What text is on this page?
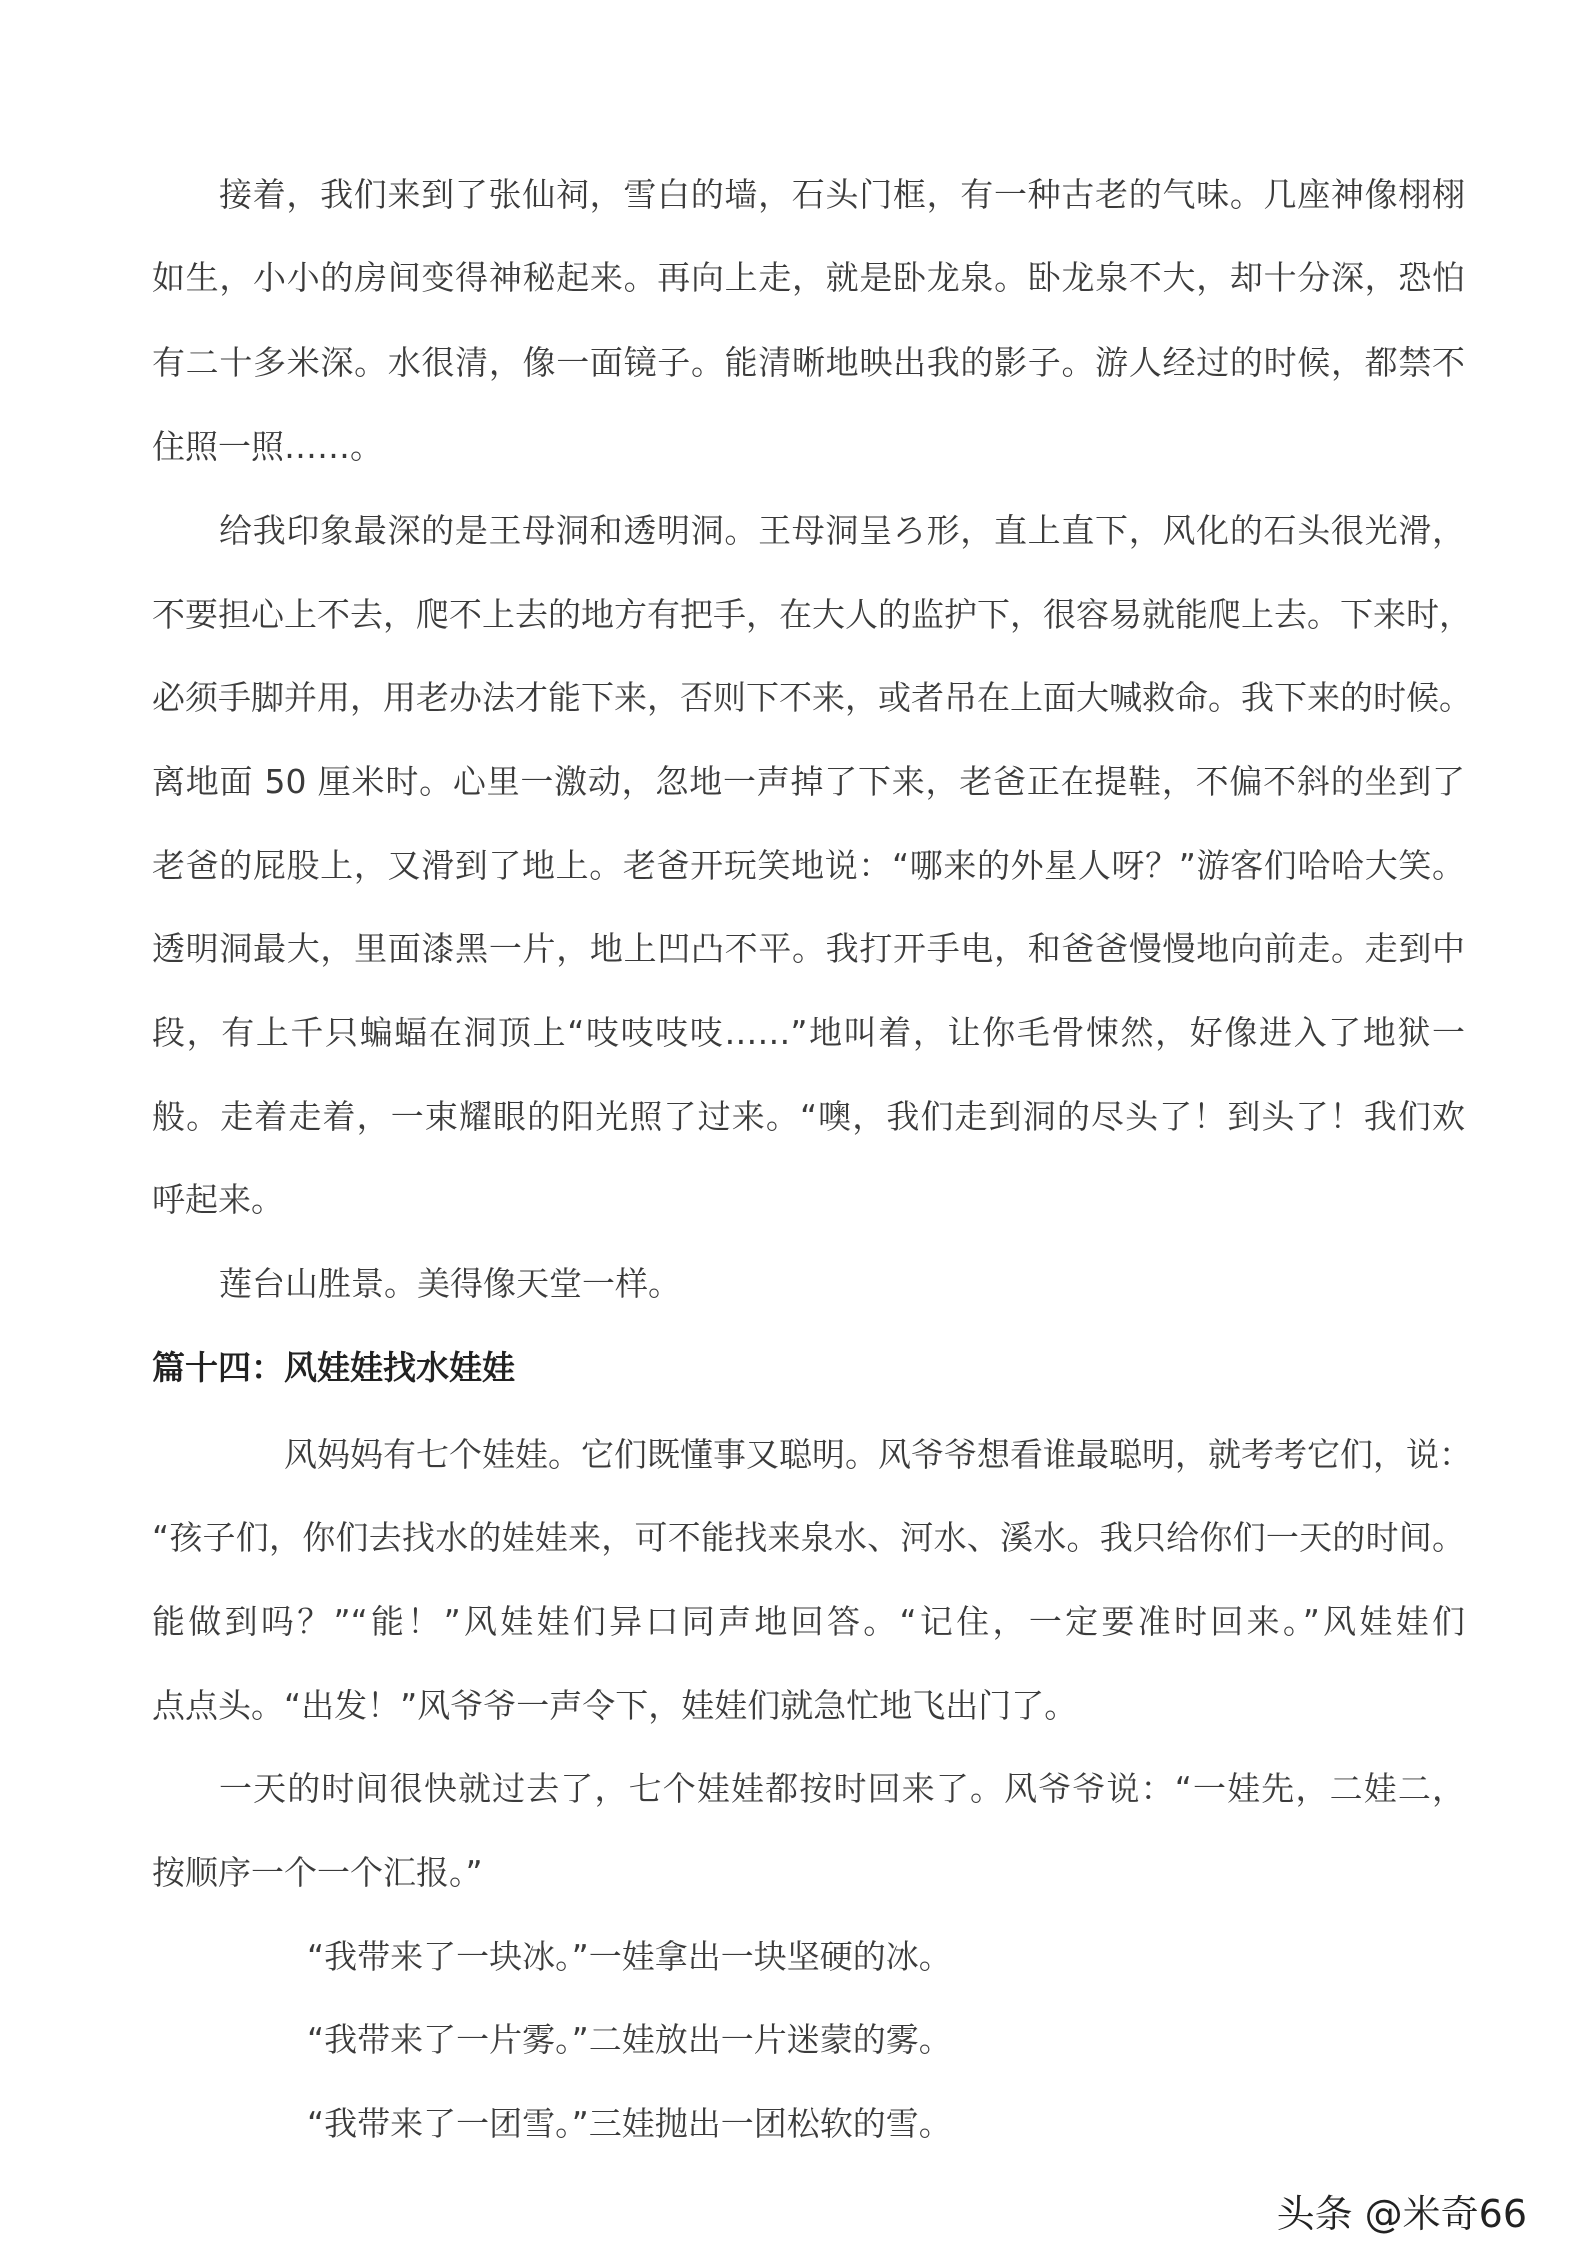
接着，我们来到了张仙祠，雪白的墙，石头门框，有一种古老的气味。几座神像栩栩
如生，小小的房间变得神秘起来。再向上走，就是卧龙泉。卧龙泉不大，却十分深，恐怕
有二十多米深。水很清，像一面镜子。能清晰地映出我的影子。游人经过的时候，都禁不
住照一照……。
给我印象最深的是王母洞和透明洞。王母洞呈ろ形，直上直下，风化的石头很光滑，
不要担心上不去，爬不上去的地方有把手，在大人的监护下，很容易就能爬上去。下来时，
必须手脚并用，用老办法才能下来，否则下不来，或者吊在上面大喊救命。我下来的时候。
离地面 50 厘米时。心里一激动，忽地一声掉了下来，老爸正在提鞋，不偏不斜的坐到了
老爸的屁股上，又滑到了地上。老爸开玩笑地说：“哪来的外星人呀？”游客们哈哈大笑。
透明洞最大，里面漆黑一片，地上凹凸不平。我打开手电，和爸爸慢慢地向前走。走到中
段，有上千只蝙蝠在洞顶上“吱吱吱吱……”地叫着，让你毛骨悚然，好像进入了地狱一
般。走着走着，一束耀眼的阳光照了过来。“噢，我们走到洞的尽头了！到头了！我们欢
呼起来。
莲台山胜景。美得像天堂一样。
篇十四：风娃娃找水娃娃
风妈妈有七个娃娃。它们既懂事又聪明。风爷爷想看谁最聪明，就考考它们，说：
“孩子们，你们去找水的娃娃来，可不能找来泉水、河水、溪水。我只给你们一天的时间。
能做到吗？”“能！”风娃娃们异口同声地回答。“记住，一定要准时回来。”风娃娃们
点点头。“出发！”风爷爷一声令下，娃娃们就急忙地飞出门了。
一天的时间很快就过去了，七个娃娃都按时回来了。风爷爷说：“一娃先，二娃二，
按顺序一个一个汇报。”
“我带来了一块冰。”一娃拿出一块坚硬的冰。
“我带来了一片雾。”二娃放出一片迷蒙的雾。
“我带来了一团雪。”三娃抛出一团松软的雪。
头条 @米奇66
